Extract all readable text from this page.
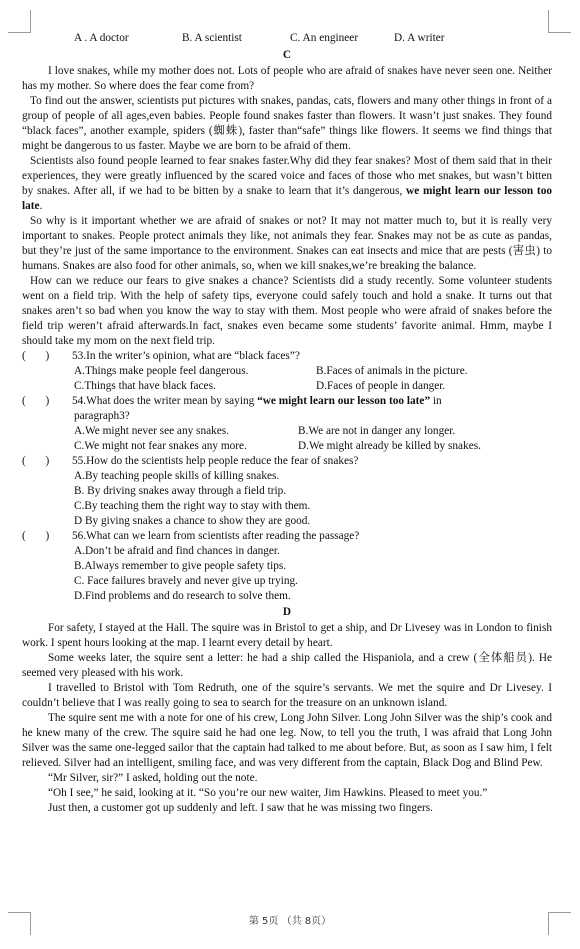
A . A doctor	B. A scientist	C. An engineer	D. A writer
C

I love snakes, while my mother does not. Lots of people who are afraid of snakes have never seen one. Neither has my mother. So where does the fear come from?

To find out the answer, scientists put pictures with snakes, pandas, cats, flowers and many other things in front of a group of people of all ages,even babies. People found snakes faster than flowers. It wasn’t just snakes. They found “black faces”, another example, spiders (蜘蛛), faster than“safe” things like flowers. It seems we find things that might be dangerous to us faster. Maybe we are born to be afraid of them.

Scientists also found people learned to fear snakes faster.Why did they fear snakes? Most of them said that in their experiences, they were greatly influenced by the scared voice and faces of those who met snakes, but wasn’t bitten by snakes. After all, if we had to be bitten by a snake to learn that it’s dangerous, we might learn our lesson too late.

So why is it important whether we are afraid of snakes or not? It may not matter much to, but it is really very important to snakes. People protect animals they like, not animals they fear. Snakes may not be as cute as pandas, but they’re just of the same importance to the environment. Snakes can eat insects and mice that are pests (害虫) to humans. Snakes are also food for other animals, so, when we kill snakes,we’re breaking the balance.

How can we reduce our fears to give snakes a chance? Scientists did a study recently. Some volunteer students went on a field trip. With the help of safety tips, everyone could safely touch and hold a snake. It turns out that snakes aren’t so bad when you know the way to stay with them. Most people who were afraid of snakes before the field trip weren’t afraid afterwards.In fact, snakes even became some students’ favorite animal. Hmm, maybe I should take my mom on the next field trip.

(       )	53.In the writer’s opinion, what are “black faces”?
A.Things make people feel dangerous.	B.Faces of animals in the picture.
C.Things that have black faces.	D.Faces of people in danger.
(       )	54.What does the writer mean by saying “we might learn our lesson too late” in
paragraph3?
A.We might never see any snakes.	B.We are not in danger any longer.
C.We might not fear snakes any more.	D.We might already be killed by snakes.
(       )	55.How do the scientists help people reduce the fear of snakes?
A.By teaching people skills of killing snakes.
B. By driving snakes away through a field trip.
C.By teaching them the right way to stay with them.
D By giving snakes a chance to show they are good.
(       )	56.What can we learn from scientists after reading the passage?
A.Don’t be afraid and find chances in danger.
B.Always remember to give people safety tips.
C. Face failures bravely and never give up trying.
D.Find problems and do research to solve them.
D

For safety, I stayed at the Hall. The squire was in Bristol to get a ship, and Dr Livesey was in London to finish work. I spent hours looking at the map. I learnt every detail by heart.

Some weeks later, the squire sent a letter: he had a ship called the Hispaniola, and a crew (全体船员). He seemed very pleased with his work.

I travelled to Bristol with Tom Redruth, one of the squire’s servants. We met the squire and Dr Livesey. I couldn’t believe that I was really going to sea to search for the treasure on an unknown island.

The squire sent me with a note for one of his crew, Long John Silver. Long John Silver was the ship’s cook and he knew many of the crew. The squire said he had one leg. Now, to tell you the truth, I was afraid that Long John Silver was the same one-legged sailor that the captain had talked to me about before. But, as soon as I saw him, I felt relieved. Silver had an intelligent, smiling face, and was very different from the captain, Black Dog and Blind Pew.

“Mr Silver, sir?” I asked, holding out the note.

“Oh I see,” he said, looking at it. “So you’re our new waiter, Jim Hawkins. Pleased to meet you.”

Just then, a customer got up suddenly and left. I saw that he was missing two fingers.

第 5页 （共 8页）
